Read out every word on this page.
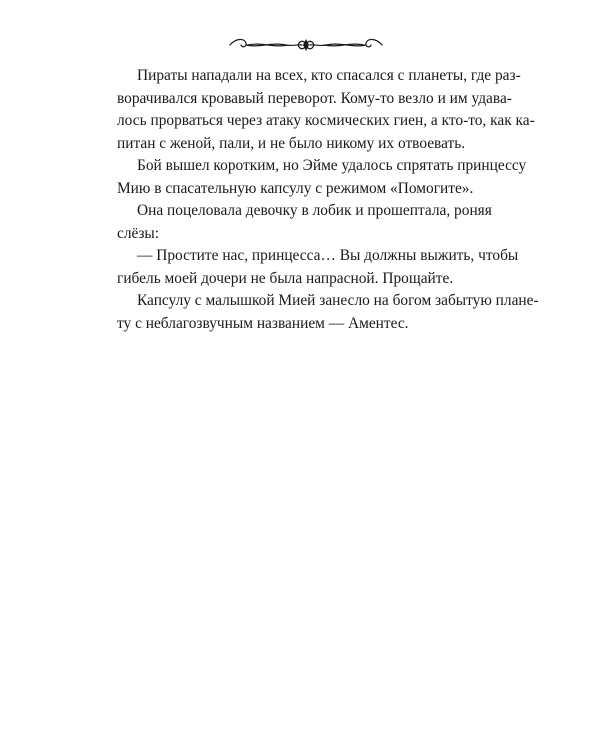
Пираты нападали на всех, кто спасался с планеты, где раз-
ворачивался кровавый переворот. Кому-то везло и им удава-
лось прорваться через атаку космических гиен, а кто-то, как ка-
питан с женой, пали, и не было никому их отвоевать.
Бой вышел коротким, но Эйме удалось спрятать принцессу
Мию в спасательную капсулу с режимом «Помогите».
Она поцеловала девочку в лобик и прошептала, роняя
слёзы:
— Простите нас, принцесса… Вы должны выжить, чтобы
гибель моей дочери не была напрасной. Прощайте.
Капсулу с малышкой Мией занесло на богом забытую плане-
ту с неблагозвучным названием — Аментес.
